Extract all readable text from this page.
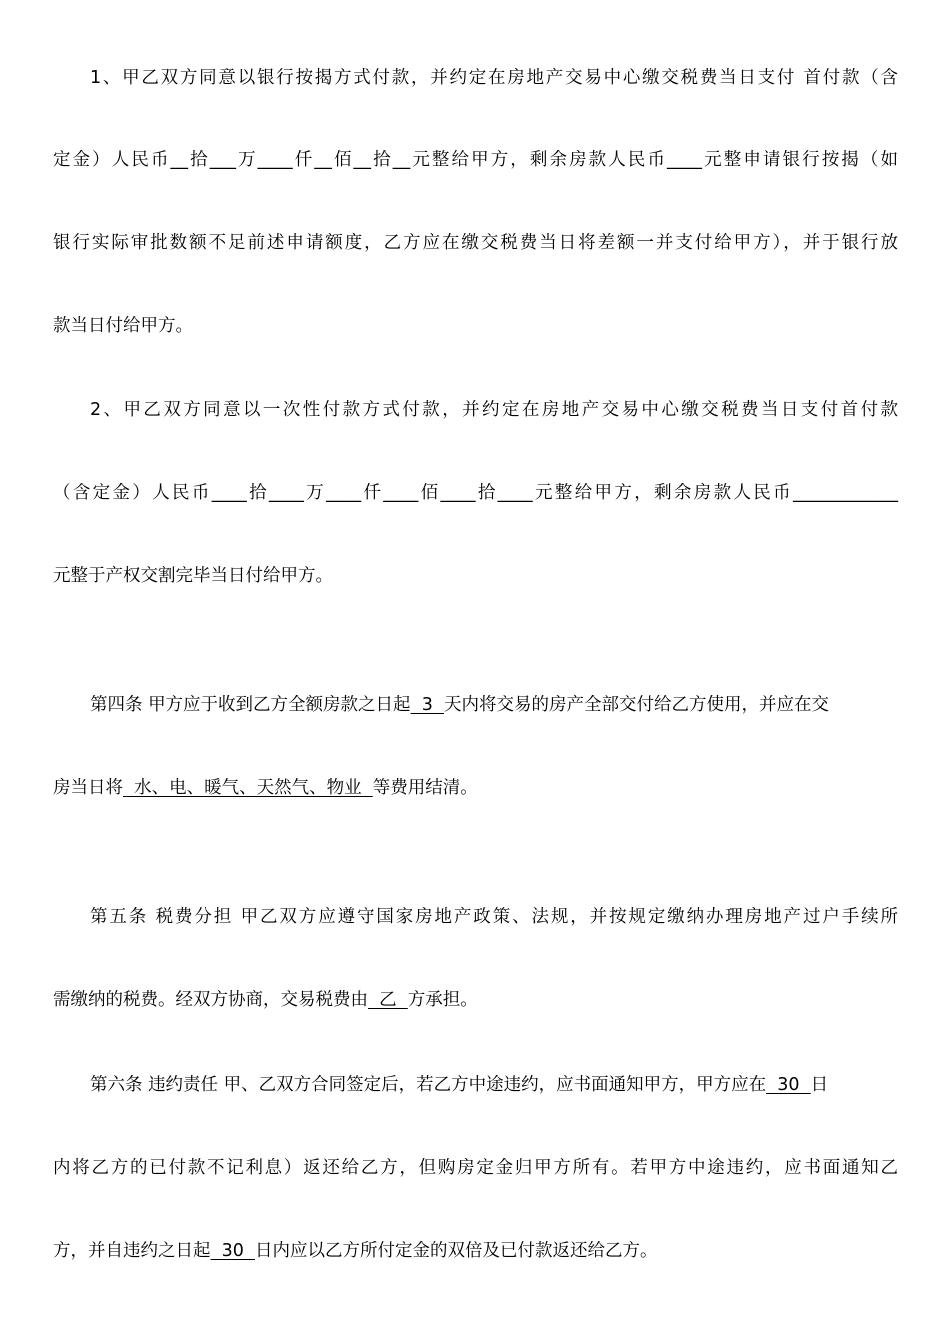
1、甲乙双方同意以银行按揭方式付款，并约定在房地产交易中心缴交税费当日支付 首付款（含
定金）人民币__拾___万____仟__佰__拾__元整给甲方，剩余房款人民币____元整申请银行按揭（如
银行实际审批数额不足前述申请额度，乙方应在缴交税费当日将差额一并支付给甲方），并于银行放
款当日付给甲方。
2、甲乙双方同意以一次性付款方式付款，并约定在房地产交易中心缴交税费当日支付首付款
（含定金）人民币____拾____万____仟____佰____拾____元整给甲方，剩余房款人民币____________
元整于产权交割完毕当日付给甲方。
第四条 甲方应于收到乙方全额房款之日起  3  天内将交易的房产全部交付给乙方使用，并应在交
房当日将  水、电、暖气、天然气、物业  等费用结清。
第五条 税费分担 甲乙双方应遵守国家房地产政策、法规，并按规定缴纳办理房地产过户手续所
需缴纳的税费。经双方协商，交易税费由  乙  方承担。
第六条 违约责任 甲、乙双方合同签定后，若乙方中途违约，应书面通知甲方，甲方应在  30  日
内将乙方的已付款不记利息）返还给乙方，但购房定金归甲方所有。若甲方中途违约，应书面通知乙
方，并自违约之日起  30  日内应以乙方所付定金的双倍及已付款返还给乙方。
